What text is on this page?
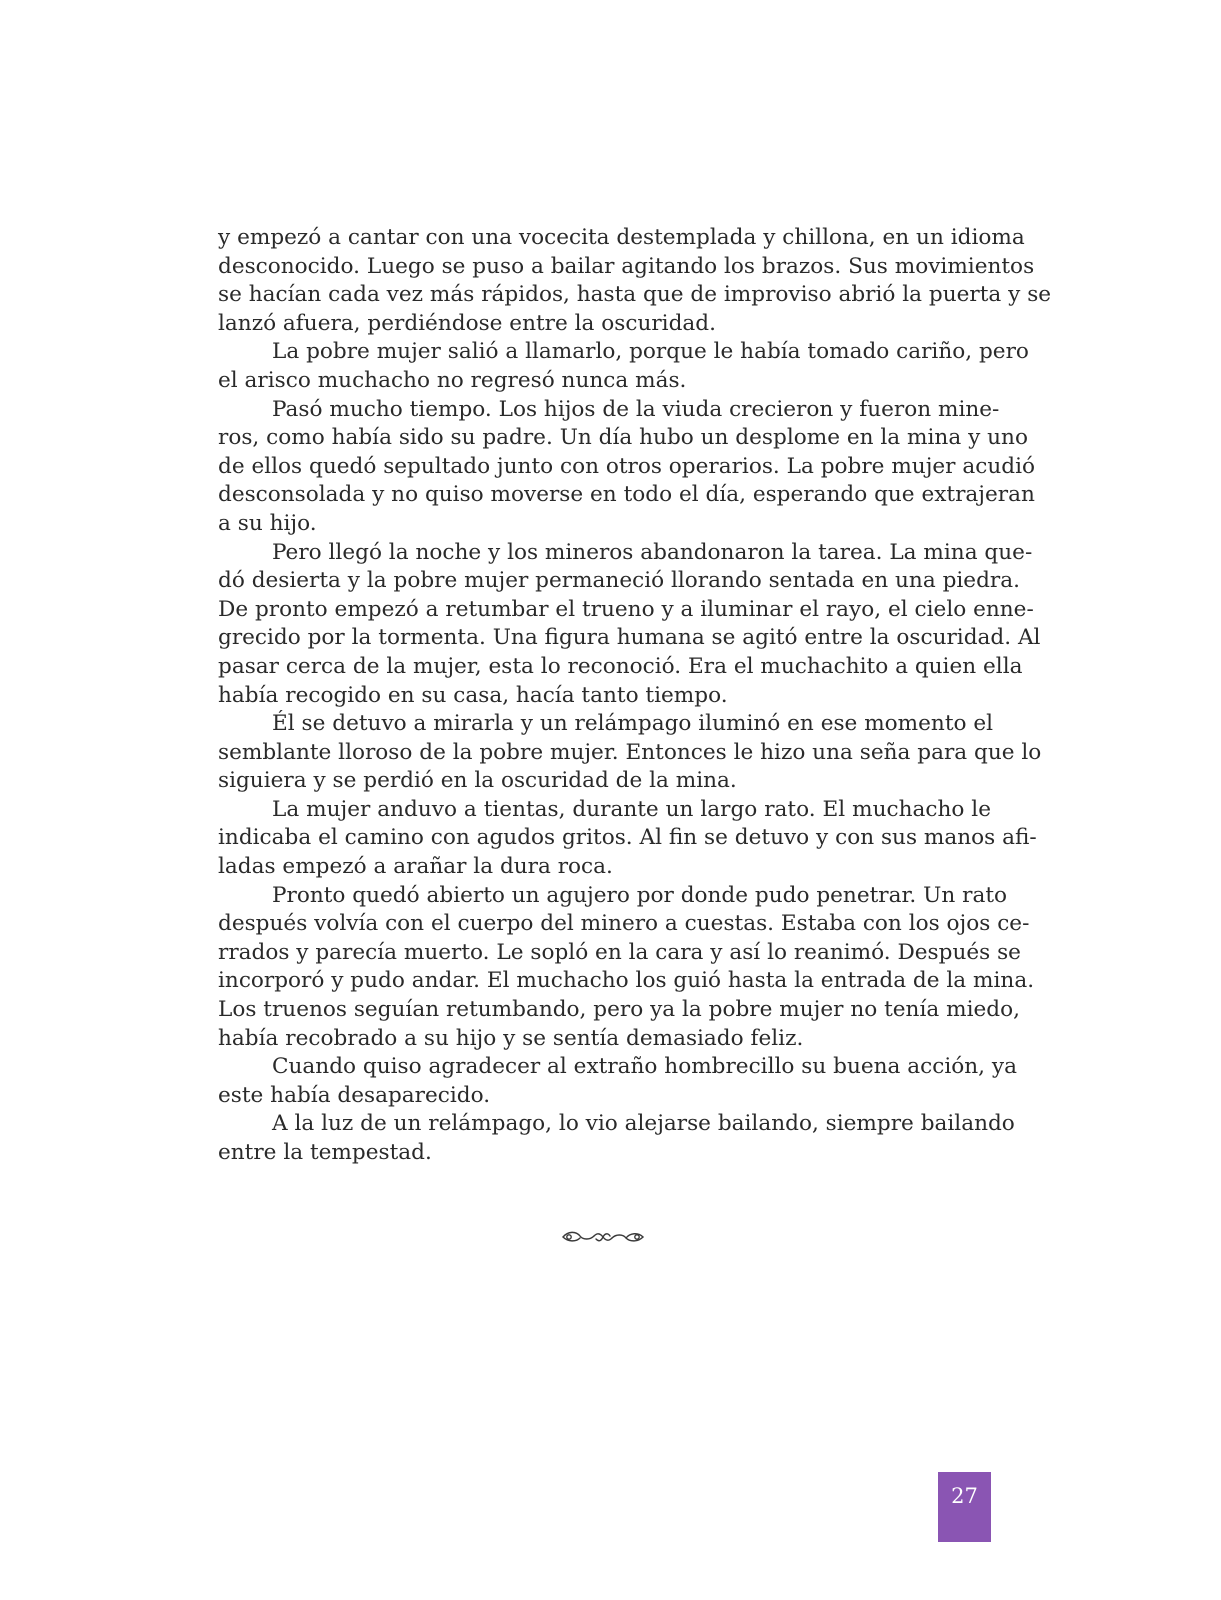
y empezó a cantar con una vocecita destemplada y chillona, en un idioma
desconocido. Luego se puso a bailar agitando los brazos. Sus movimientos
se hacían cada vez más rápidos, hasta que de improviso abrió la puerta y se
lanzó afuera, perdiéndose entre la oscuridad.
La pobre mujer salió a llamarlo, porque le había tomado cariño, pero
el arisco muchacho no regresó nunca más.
Pasó mucho tiempo. Los hijos de la viuda crecieron y fueron mine-
ros, como había sido su padre. Un día hubo un desplome en la mina y uno
de ellos quedó sepultado junto con otros operarios. La pobre mujer acudió
desconsolada y no quiso moverse en todo el día, esperando que extrajeran
a su hijo.
Pero llegó la noche y los mineros abandonaron la tarea. La mina que-
dó desierta y la pobre mujer permaneció llorando sentada en una piedra.
De pronto empezó a retumbar el trueno y a iluminar el rayo, el cielo enne-
grecido por la tormenta. Una figura humana se agitó entre la oscuridad. Al
pasar cerca de la mujer, esta lo reconoció. Era el muchachito a quien ella
había recogido en su casa, hacía tanto tiempo.
Él se detuvo a mirarla y un relámpago iluminó en ese momento el
semblante lloroso de la pobre mujer. Entonces le hizo una seña para que lo
siguiera y se perdió en la oscuridad de la mina.
La mujer anduvo a tientas, durante un largo rato. El muchacho le
indicaba el camino con agudos gritos. Al fin se detuvo y con sus manos afi-
ladas empezó a arañar la dura roca.
Pronto quedó abierto un agujero por donde pudo penetrar. Un rato
después volvía con el cuerpo del minero a cuestas. Estaba con los ojos ce-
rrados y parecía muerto. Le sopló en la cara y así lo reanimó. Después se
incorporó y pudo andar. El muchacho los guió hasta la entrada de la mina.
Los truenos seguían retumbando, pero ya la pobre mujer no tenía miedo,
había recobrado a su hijo y se sentía demasiado feliz.
Cuando quiso agradecer al extraño hombrecillo su buena acción, ya
este había desaparecido.
A la luz de un relámpago, lo vio alejarse bailando, siempre bailando
entre la tempestad.
27
